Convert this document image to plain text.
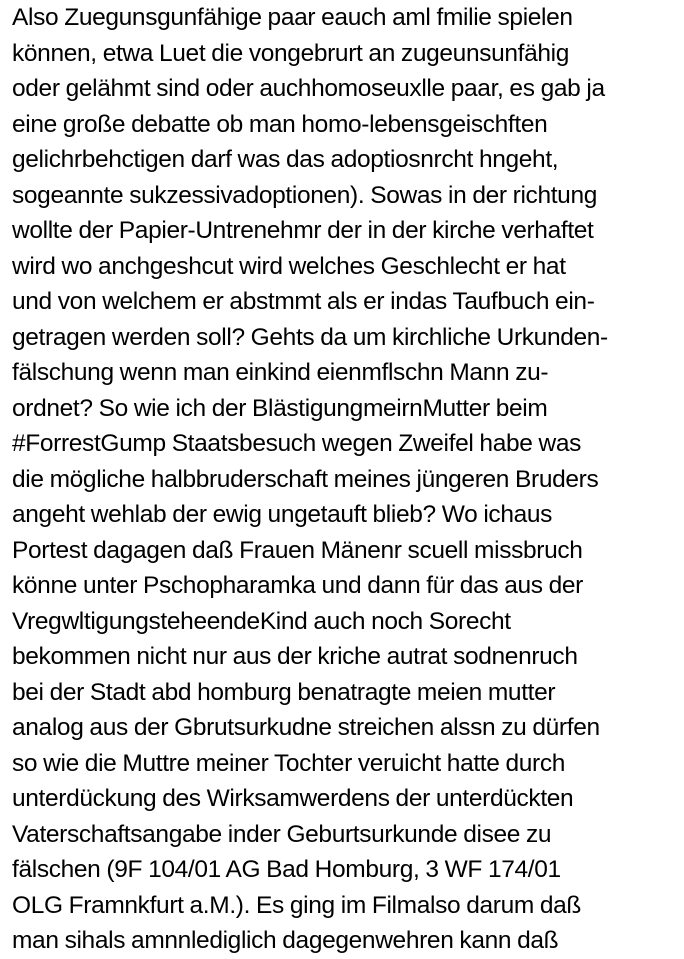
Also Zuegunsgunfähige paar eauch aml fmilie spielen
können, etwa Luet die vongebrurt an zugeunsunfähig
oder gelähmt sind oder auchhomoseuxlle paar, es gab ja
eine große debatte ob man homo-lebensgeischften
gelichrbehctigen darf was das adoptiosnrcht hngeht,
sogeannte sukzessivadoptionen). Sowas in der richtung
wollte der Papier-Untrenehmr der in der kirche verhaftet
wird wo anchgeshcut wird welches Geschlecht er hat
und von welchem er abstmmt als er indas Taufbuch ein-
getragen werden soll? Gehts da um kirchliche Urkunden-
fälschung wenn man einkind eienmflschn Mann zu-
ordnet? So wie ich der BlästigungmeirnMutter beim
#ForrestGump Staatsbesuch wegen Zweifel habe was
die mögliche halbbruderschaft meines jüngeren Bruders
angeht wehlab der ewig ungetauft blieb? Wo ichaus
Portest dagagen daß Frauen Mänenr scuell missbruch
könne unter Pschopharamka und dann für das aus der
VregwltigungsteheendeKind auch noch Sorecht
bekommen nicht nur aus der kriche autrat sodnenruch
bei der Stadt abd homburg benatragte meien mutter
analog aus der Gbrutsurkudne streichen alssn zu dürfen
so wie die Muttre meiner Tochter veruicht hatte durch
unterdückung des Wirksamwerdens der unterdückten
Vaterschaftsangabe inder Geburtsurkunde disee zu
fälschen (9F 104/01 AG Bad Homburg, 3 WF 174/01
OLG Framnkfurt a.M.). Es ging im Filmalso darum daß
man sihals amnnlediglich dagegenwehren kann daß
